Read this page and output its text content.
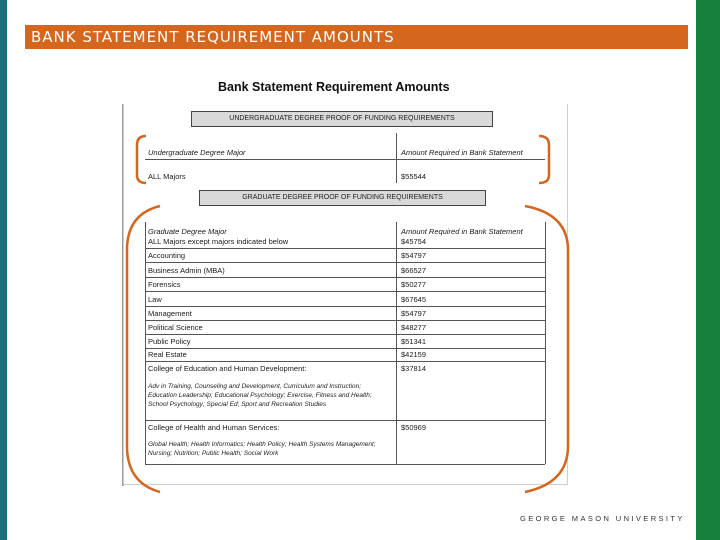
BANK STATEMENT REQUIREMENT AMOUNTS
Bank Statement Requirement Amounts
UNDERGRADUATE DEGREE PROOF OF FUNDING REQUIREMENTS
Undergraduate Degree Major	Amount Required in Bank Statement
ALL Majors	$55544
GRADUATE DEGREE PROOF OF FUNDING REQUIREMENTS
Graduate Degree Major	Amount Required in Bank Statement
ALL Majors except majors indicated below	$45754
Accounting	$54797
Business Admin (MBA)	$66527
Forensics	$50277
Law	$67645
Management	$54797
Political Science	$48277
Public Policy	$51341
Real Estate	$42159
College of Education and Human Development:	$37814
Adv in Training, Counseling and Development, Curriculum and Instruction; Education Leadership; Educational Psychology; Exercise, Fitness and Health; School Psychology; Special Ed; Sport and Recreation Studies
College of Health and Human Services:	$50969
Global Health; Health Informatics; Health Policy; Health Systems Management; Nursing; Nutrition; Public Health; Social Work
GEORGE MASON UNIVERSITY
